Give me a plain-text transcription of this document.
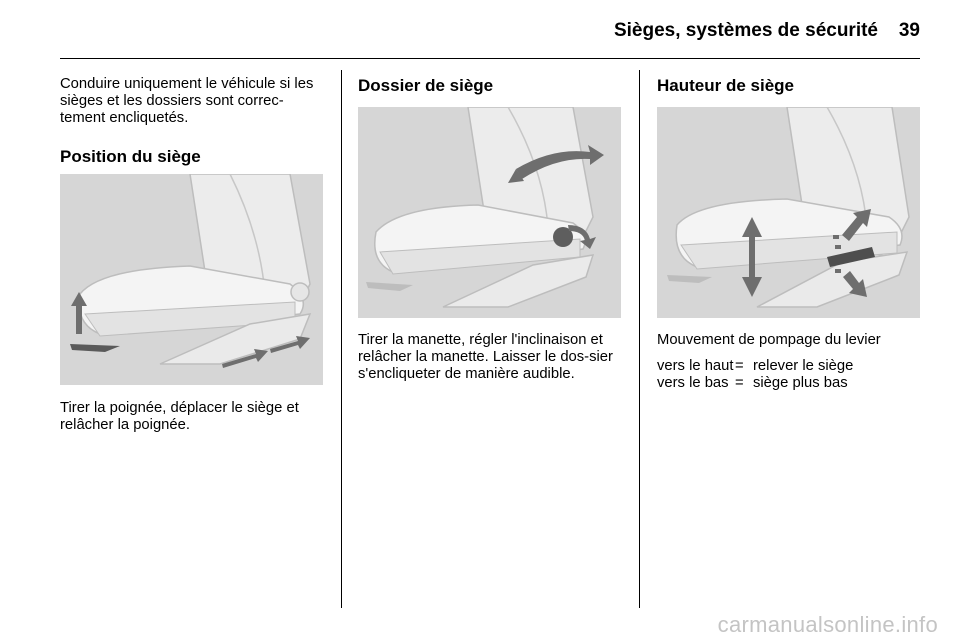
Sièges, systèmes de sécurité 39

Conduire uniquement le véhicule si les sièges et les dossiers sont correc-tement encliquetés.

Position du siège

Tirer la poignée, déplacer le siège et relâcher la poignée.

Dossier de siège

Tirer la manette, régler l'inclinaison et relâcher la manette. Laisser le dos-sier s'encliqueter de manière audible.

Hauteur de siège

Mouvement de pompage du levier

vers le haut	=	relever le siège
vers le bas	=	siège plus bas
carmanualsonline.info
